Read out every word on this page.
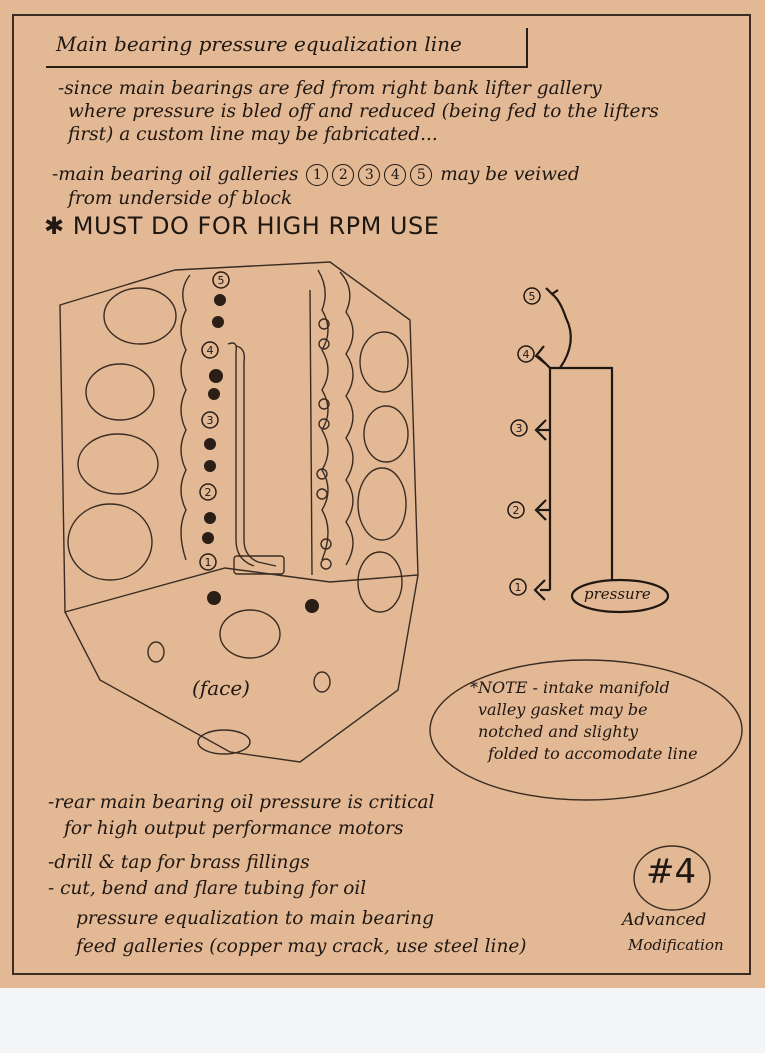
Main bearing pressure equalization line
-since main bearings are fed from right bank lifter gallery
where pressure is bled off and reduced (being fed to the lifters
first) a custom line may be fabricated...
-main bearing oil galleries 1 2 3 4 5 may be veiwed
from underside of block
✱ MUST DO FOR HIGH RPM USE
5
4
3
2
1
5
4
3
2
1
(face)
pressure
*NOTE - intake manifold
valley gasket may be
notched and slighty
folded to accomodate line
-rear main bearing oil pressure is critical
for high output performance motors
-drill & tap for brass fillings
- cut, bend and flare tubing for oil
pressure equalization to main bearing
feed galleries (copper may crack, use steel line)
#4
Advanced
Modification
